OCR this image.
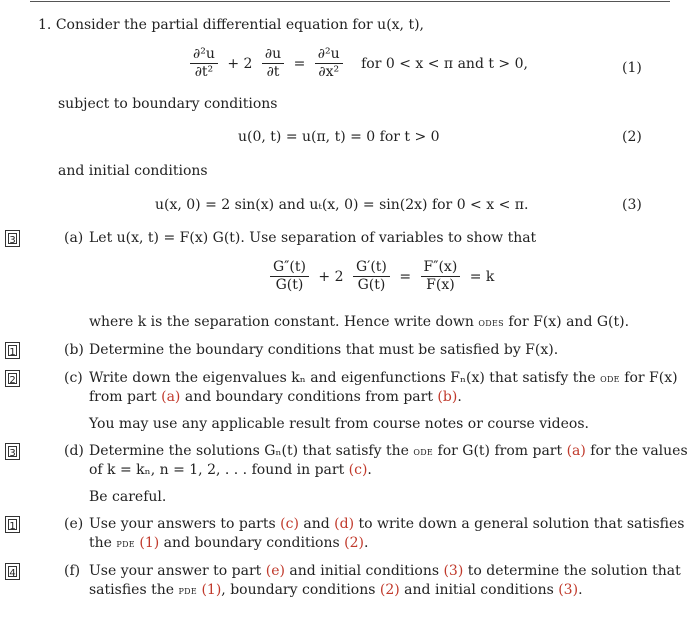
1. Consider the partial differential equation for u(x, t),
$\frac{\text{∂²u}}{\text{∂t²}} + 2 \frac{\partial u}{\partial t} = \frac{\text{∂²u}}{\text{∂x²}}$ for 0 < x < π and t > 0,	(1)
subject to boundary conditions
u(0, t) = u(π, t) = 0 for t > 0	(2)
and initial conditions
u(x, 0) = 2 sin(x) and uₜ(x, 0) = sin(2x) for 0 < x < π.	(3)
3	(a) Let u(x, t) = F(x) G(t). Use separation of variables to show that
$\frac{G''(t)}{G(t)} + 2 \frac{G'(t)}{G(t)} = \frac{F''(x)}{F(x)} = k$
where k is the separation constant. Hence write down odes for F(x) and G(t).
1	(b) Determine the boundary conditions that must be satisfied by F(x).
2	(c) Write down the eigenvalues kₙ and eigenfunctions Fₙ(x) that satisfy the ode for F(x)
from part (a) and boundary conditions from part (b).
You may use any applicable result from course notes or course videos.
3	(d) Determine the solutions Gₙ(t) that satisfy the ode for G(t) from part (a) for the values
of k = kₙ, n = 1, 2, . . . found in part (c).
Be careful.
1	(e) Use your answers to parts (c) and (d) to write down a general solution that satisfies
the pde (1) and boundary conditions (2).
4	(f) Use your answer to part (e) and initial conditions (3) to determine the solution that
satisfies the pde (1), boundary conditions (2) and initial conditions (3).
